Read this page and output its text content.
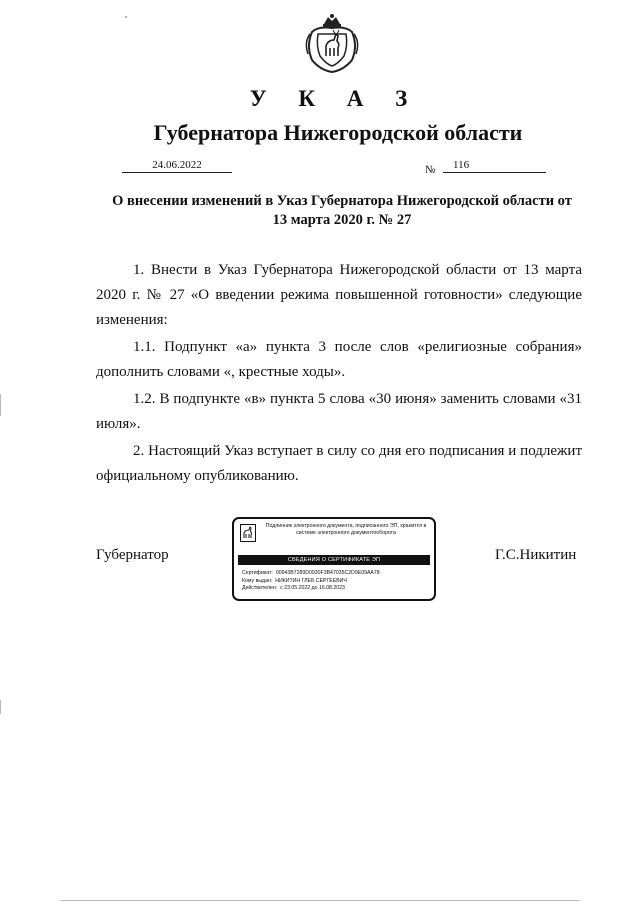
У К А З
Губернатора Нижегородской области
24.06.2022	№	116
О внесении изменений в Указ Губернатора Нижегородской области от 13 марта 2020 г. № 27

1. Внести в Указ Губернатора Нижегородской области от 13 марта 2020 г. № 27 «О введении режима повышенной готовности» следующие изменения:

1.1. Подпункт «а» пункта 3 после слов «религиозные собрания» дополнить словами «, крестные ходы».

1.2. В подпункте «в» пункта 5 слова «30 июня» заменить словами «31 июля».

2. Настоящий Указ вступает в силу со дня его подписания и подлежит официальному опубликованию.

Губернатор	Г.С.Никитин
Подлинник электронного документа, подписанного ЭП, хранится в системе электронного документооборота
СВЕДЕНИЯ О СЕРТИФИКАТЕ ЭП
Сертификат: 00943B7289D0930F3B47035C2D9E09AA78
Кому выдан: НИКИТИН ГЛЕБ СЕРГЕЕВИЧ
Действителен: с 23.05.2022 до 16.08.2023
